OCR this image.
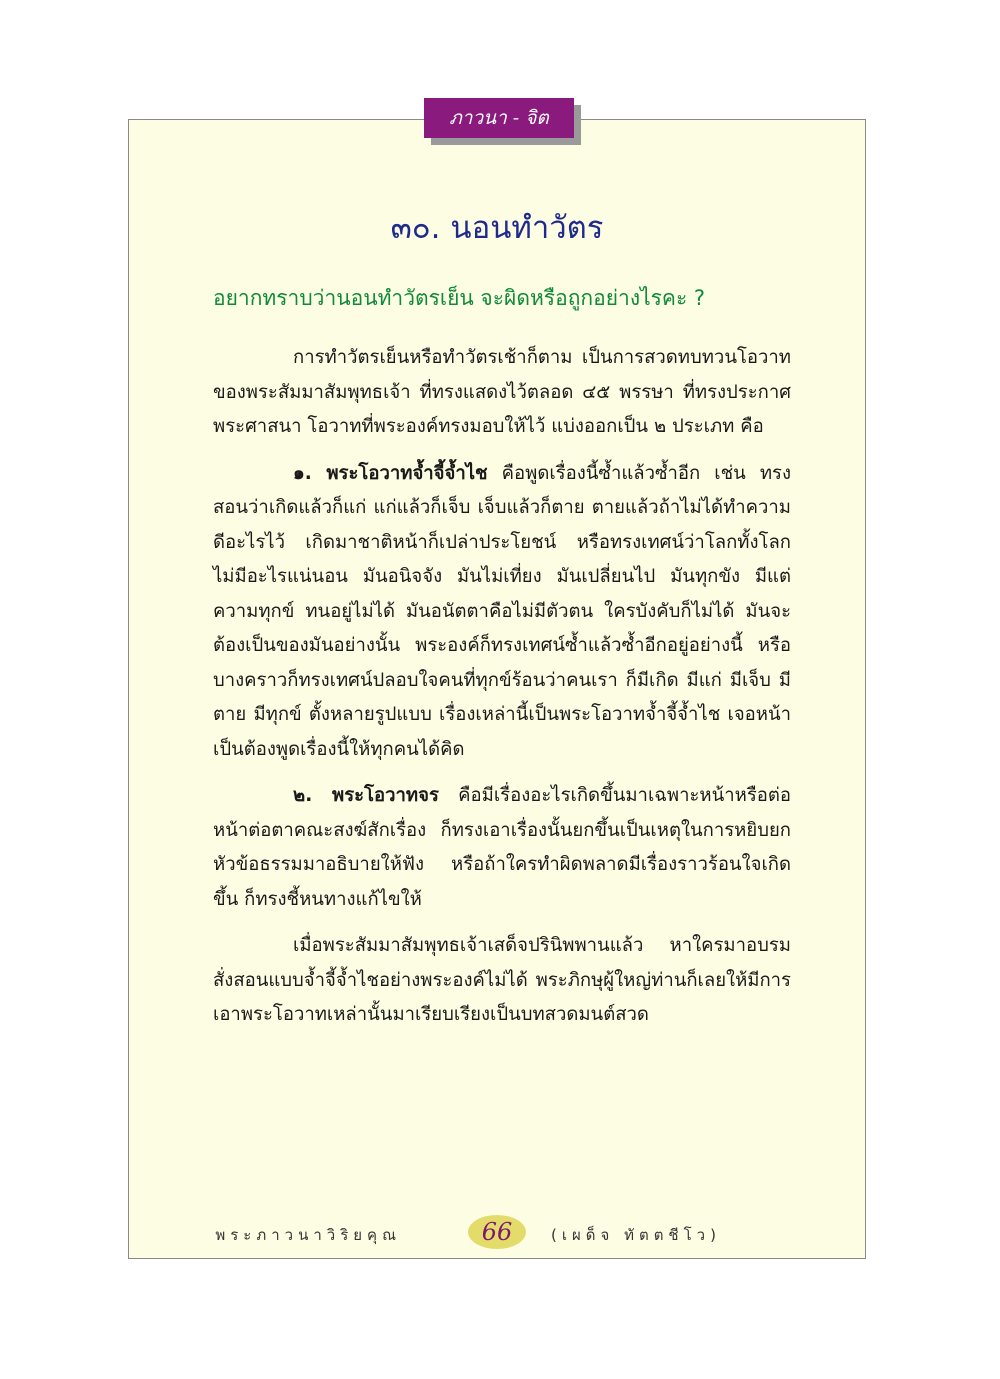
ภาวนา - จิต
๓๐. นอนทำวัตร
อยากทราบว่านอนทำวัตรเย็น จะผิดหรือถูกอย่างไรคะ ?

การทำวัตรเย็นหรือทำวัตรเช้าก็ตาม เป็นการสวดทบทวนโอวาทของพระสัมมาสัมพุทธเจ้า ที่ทรงแสดงไว้ตลอด ๔๕ พรรษา ที่ทรงประกาศพระศาสนา โอวาทที่พระองค์ทรงมอบให้ไว้ แบ่งออกเป็น ๒ ประเภท คือ

๑. พระโอวาทจ้ำจี้จ้ำไช คือพูดเรื่องนี้ซ้ำแล้วซ้ำอีก เช่น ทรงสอนว่าเกิดแล้วก็แก่ แก่แล้วก็เจ็บ เจ็บแล้วก็ตาย ตายแล้วถ้าไม่ได้ทำความดีอะไรไว้ เกิดมาชาติหน้าก็เปล่าประโยชน์ หรือทรงเทศน์ว่าโลกทั้งโลกไม่มีอะไรแน่นอน มันอนิจจัง มันไม่เที่ยง มันเปลี่ยนไป มันทุกขัง มีแต่ความทุกข์ ทนอยู่ไม่ได้ มันอนัตตาคือไม่มีตัวตน ใครบังคับก็ไม่ได้ มันจะต้องเป็นของมันอย่างนั้น พระองค์ก็ทรงเทศน์ซ้ำแล้วซ้ำอีกอยู่อย่างนี้ หรือบางคราวก็ทรงเทศน์ปลอบใจคนที่ทุกข์ร้อนว่าคนเรา ก็มีเกิด มีแก่ มีเจ็บ มีตาย มีทุกข์ ตั้งหลายรูปแบบ เรื่องเหล่านี้เป็นพระโอวาทจ้ำจี้จ้ำไช เจอหน้าเป็นต้องพูดเรื่องนี้ให้ทุกคนได้คิด

๒. พระโอวาทจร คือมีเรื่องอะไรเกิดขึ้นมาเฉพาะหน้าหรือต่อหน้าต่อตาคณะสงฆ์สักเรื่อง ก็ทรงเอาเรื่องนั้นยกขึ้นเป็นเหตุในการหยิบยกหัวข้อธรรมมาอธิบายให้ฟัง หรือถ้าใครทำผิดพลาดมีเรื่องราวร้อนใจเกิดขึ้น ก็ทรงชี้หนทางแก้ไขให้

เมื่อพระสัมมาสัมพุทธเจ้าเสด็จปรินิพพานแล้ว หาใครมาอบรมสั่งสอนแบบจ้ำจี้จ้ำไชอย่างพระองค์ไม่ได้ พระภิกษุผู้ใหญ่ท่านก็เลยให้มีการเอาพระโอวาทเหล่านั้นมาเรียบเรียงเป็นบทสวดมนต์สวด

พระภาวนาวิริยคุณ	66	(เผด็จ ทัตตชีโว)
